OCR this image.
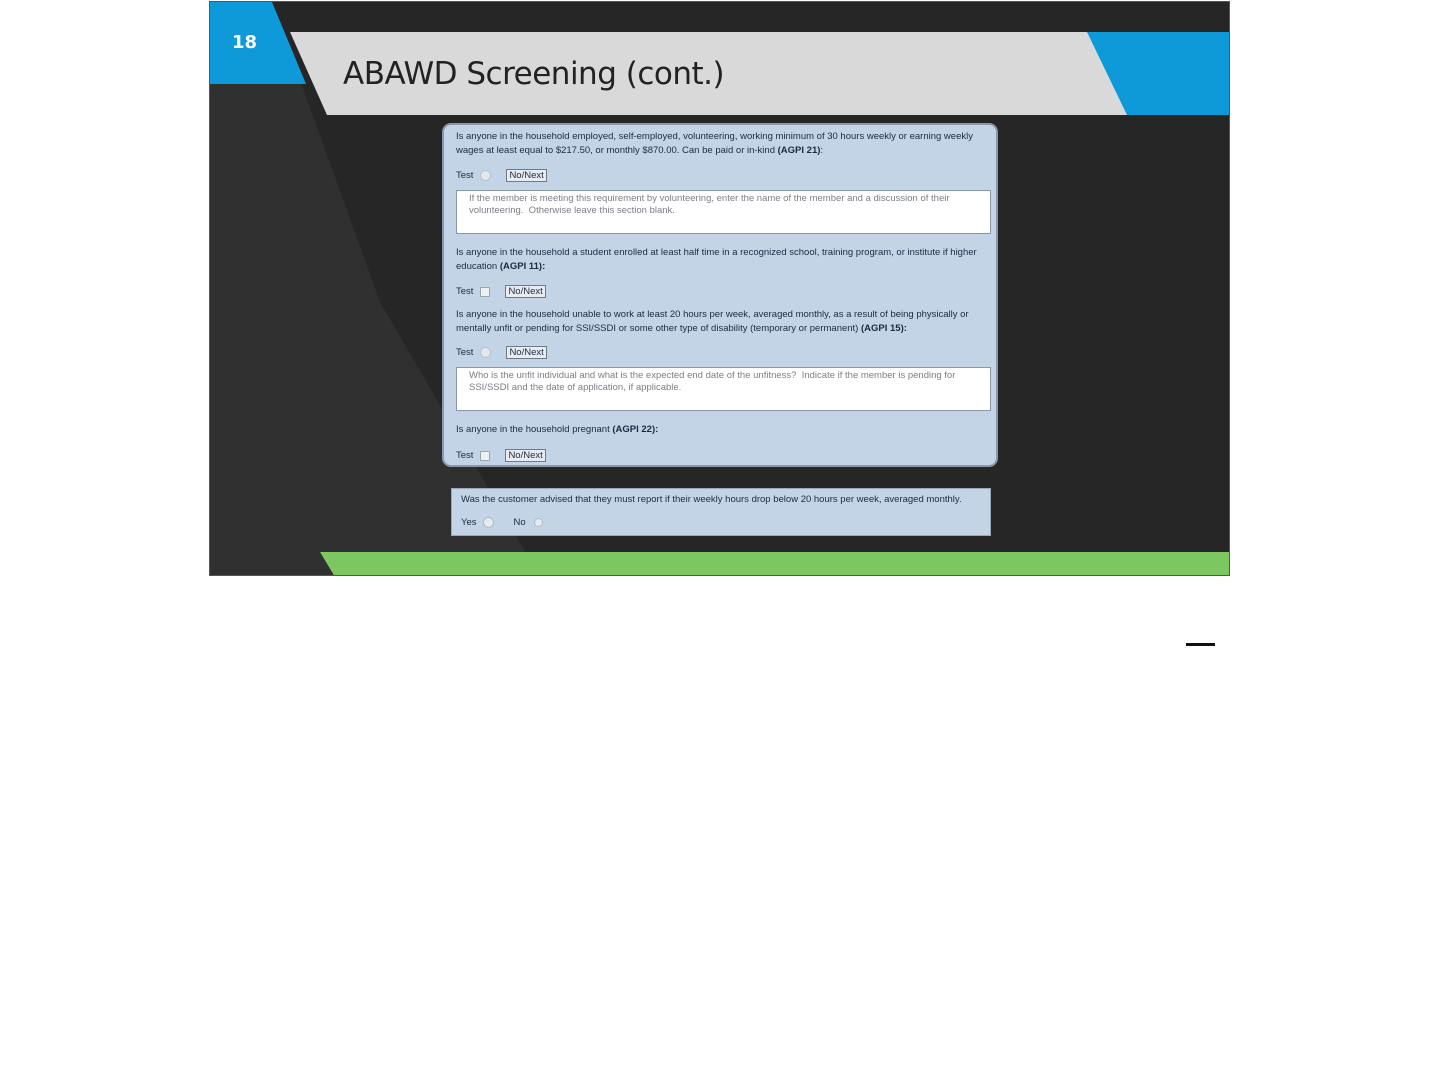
18
ABAWD Screening (cont.)
Is anyone in the household employed, self-employed, volunteering, working minimum of 30 hours weekly or earning weekly wages at least equal to $217.50, or monthly $870.00. Can be paid or in-kind (AGPI 21):
Test	No/Next
If the member is meeting this requirement by volunteering, enter the name of the member and a discussion of their volunteering. Otherwise leave this section blank.
Is anyone in the household a student enrolled at least half time in a recognized school, training program, or institute if higher education (AGPI 11):
Test	No/Next
Is anyone in the household unable to work at least 20 hours per week, averaged monthly, as a result of being physically or mentally unfit or pending for SSI/SSDI or some other type of disability (temporary or permanent) (AGPI 15):
Test	No/Next
Who is the unfit individual and what is the expected end date of the unfitness? Indicate if the member is pending for SSI/SSDI and the date of application, if applicable.
Is anyone in the household pregnant (AGPI 22):
Test	No/Next
Was the customer advised that they must report if their weekly hours drop below 20 hours per week, averaged monthly.
Yes	No
